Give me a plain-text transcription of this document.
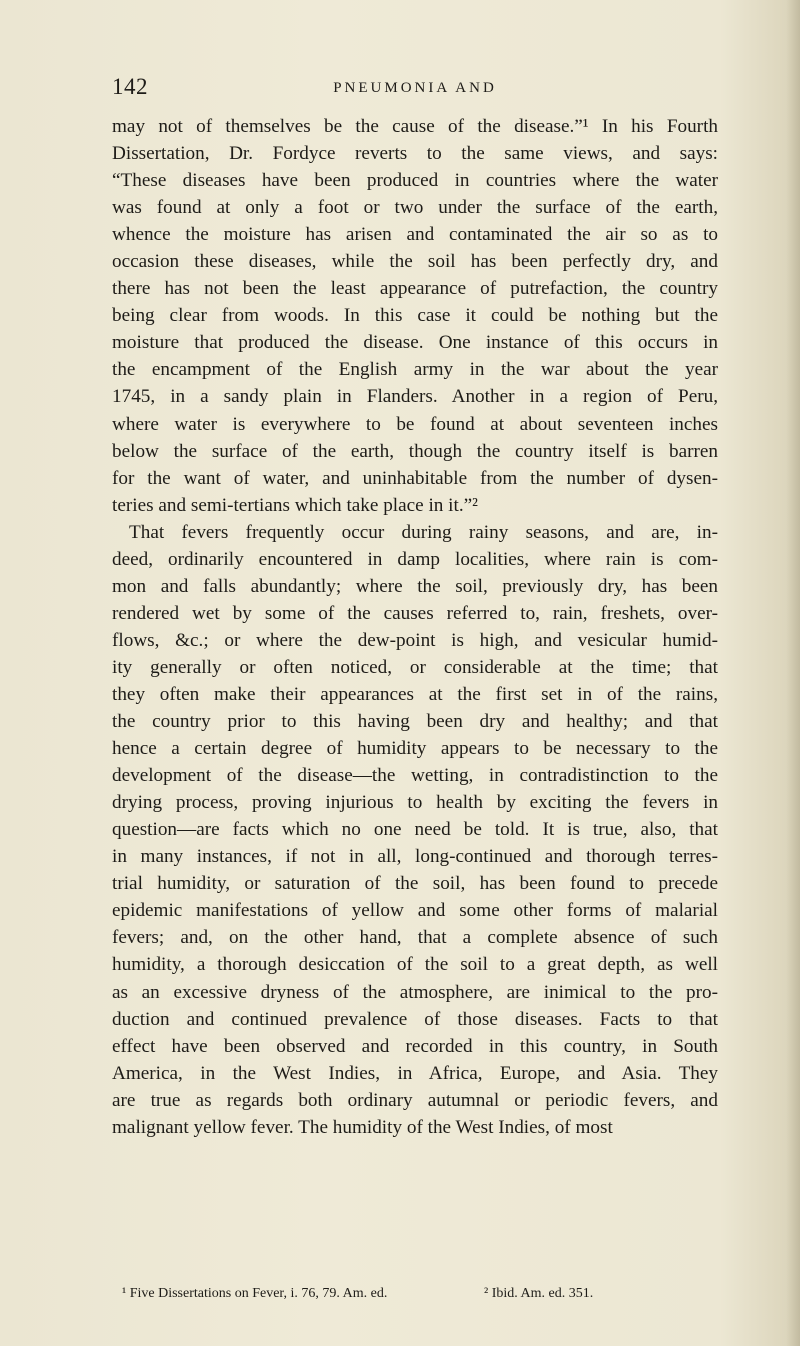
142	PNEUMONIA AND
may not of themselves be the cause of the disease.”¹ In his Fourth
Dissertation, Dr. Fordyce reverts to the same views, and says:
“These diseases have been produced in countries where the water
was found at only a foot or two under the surface of the earth,
whence the moisture has arisen and contaminated the air so as to
occasion these diseases, while the soil has been perfectly dry, and
there has not been the least appearance of putrefaction, the country
being clear from woods. In this case it could be nothing but the
moisture that produced the disease. One instance of this occurs in
the encampment of the English army in the war about the year
1745, in a sandy plain in Flanders. Another in a region of Peru,
where water is everywhere to be found at about seventeen inches
below the surface of the earth, though the country itself is barren
for the want of water, and uninhabitable from the number of dysen-
teries and semi-tertians which take place in it.”²
That fevers frequently occur during rainy seasons, and are, in-
deed, ordinarily encountered in damp localities, where rain is com-
mon and falls abundantly; where the soil, previously dry, has been
rendered wet by some of the causes referred to, rain, freshets, over-
flows, &c.; or where the dew-point is high, and vesicular humid-
ity generally or often noticed, or considerable at the time; that
they often make their appearances at the first set in of the rains,
the country prior to this having been dry and healthy; and that
hence a certain degree of humidity appears to be necessary to the
development of the disease—the wetting, in contradistinction to the
drying process, proving injurious to health by exciting the fevers in
question—are facts which no one need be told. It is true, also, that
in many instances, if not in all, long-continued and thorough terres-
trial humidity, or saturation of the soil, has been found to precede
epidemic manifestations of yellow and some other forms of malarial
fevers; and, on the other hand, that a complete absence of such
humidity, a thorough desiccation of the soil to a great depth, as well
as an excessive dryness of the atmosphere, are inimical to the pro-
duction and continued prevalence of those diseases. Facts to that
effect have been observed and recorded in this country, in South
America, in the West Indies, in Africa, Europe, and Asia. They
are true as regards both ordinary autumnal or periodic fevers, and
malignant yellow fever. The humidity of the West Indies, of most
¹ Five Dissertations on Fever, i. 76, 79. Am. ed.	² Ibid. Am. ed. 351.
